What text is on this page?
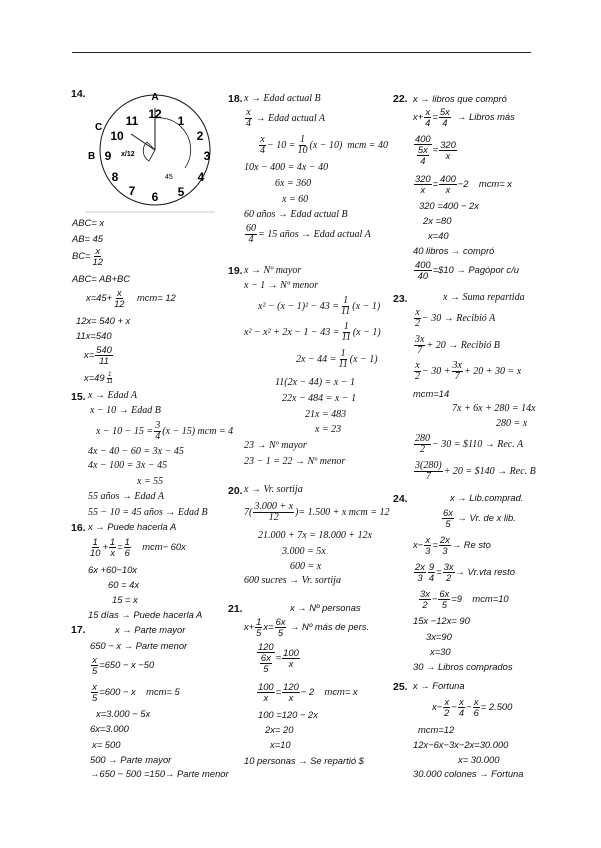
14.	A
C
B
12 1
2
3
4
5
6
7
8
9
10
11
x/12
45
ABC= x
AB= 45
$BC= \frac{x}{12}$
ABC= AB+BC
$x=45+ \frac{x}{12} mcm= 12$
12x= 540 + x
11x=540
$x= \frac{540}{11}$
$x=49 \frac{1}{11}$
15. x → Edad A
x − 10 → Edad B
$x - 10 - 15 = \frac{3}{4} (x - 15)$ mcm = 4
4x − 40 − 60 = 3x − 45
4x − 100 = 3x − 45
x = 55
55 años → Edad A
55 − 10 = 45 años → Edad B
16. x → Puede hacerla A
$\frac{1}{10} + \frac{1}{x} = \frac{1}{6} mcm- 60x$
6x +60−10x
60 = 4x
15 = x
15 días → Puede hacerla A
17.	x → Parte mayor
650 − x → Parte menor
$\frac{x}{5} =650 - x -50$
$\frac{x}{5} =600 - x$ mcm= 5
x=3.000 − 5x
6x=3.000
x= 500
500 → Parte mayor
→650 − 500 =150→ Parte menor
18. x → Edad actual B
$\frac{x}{4}$ → Edad actual A
$\frac{x}{4} - 10 = \frac{1}{10} (x - 10)$ mcm = 40
10x − 400 = 4x − 40
6x = 360
x = 60
60 años → Edad actual B
$\frac{60}{4} = 15$ años → Edad actual A
19. x → Nº mayor
x − 1 → Nº menor
$x^2 - (x - 1)^2 - 43 = \frac{1}{11} (x - 1)$
$x^2 - x^2 + 2x - 1 - 43 = \frac{1}{11} (x - 1)$
$2x - 44 = \frac{1}{11} (x - 1)$
11(2x − 44) = x − 1
22x − 484 = x − 1
21x = 483
x = 23
23 → Nº mayor
23 − 1 = 22 → Nº menor
20. x → Vr. sortija
$7( \frac{3.000 + x}{12}$ )= 1.500 + x mcm = 12
21.000 + 7x = 18.000 + 12x
3.000 = 5x
600 = x
600 sucres → Vr. sortija
21.	x → Nº personas
$x+ \frac{1}{5} x= \frac{6x}{5}$ → Nº más de pers.
$\frac{120}{\frac{6x}{5}} = \frac{100}{x}$
$\frac{100}{x} = \frac{120}{x} - 2$ mcm= x
100 =120 − 2x
2x= 20
x=10
10 personas → Se repartió $
22. x → libros que compró
$x+ \frac{x}{4} = \frac{5x}{4}$ → Libros más
$\frac{400}{\frac{5x}{4}} = \frac{320}{x}$
$\frac{320}{x} = \frac{400}{x} -2$ mcm= x
320 =400 − 2x
2x =80
x=40
40 libros → compró
$\frac{400}{40}$ =$10 → Pagópor c/u
23.	x → Suma repartida
$\frac{x}{2} - 30$ → Recibió A
$\frac{3x}{7} + 20$ → Recibió B
$\frac{x}{2} - 30 + \frac{3x}{7} + 20 + 30 = x$
mcm=14
7x + 6x + 280 = 14x
280 = x
$\frac{280}{2} - 30$ = $110 → Rec. A
$\frac{3(280)}{7} + 20$ = $140 → Rec. B
24.	x → Lib.comprad.
$\frac{6x}{5} \to Vr$. de x lib.
$x- \frac{x}{3} = \frac{2x}{3} \to Re$ sto
$\frac{2x}{3} \frac{9}{4} = \frac{3x}{2} \to Vr.vta$ resto
$\frac{3x}{2} - \frac{6x}{5} =9$ mcm=10
15x −12x= 90
3x=90
x=30
30 → Libros comprados
25. x → Fortuna
$x- \frac{x}{2} - \frac{x}{4} - \frac{x}{6} = 2.500$
mcm=12
12x−6x−3x−2x=30.000
x= 30.000
30.000 colones → Fortuna
